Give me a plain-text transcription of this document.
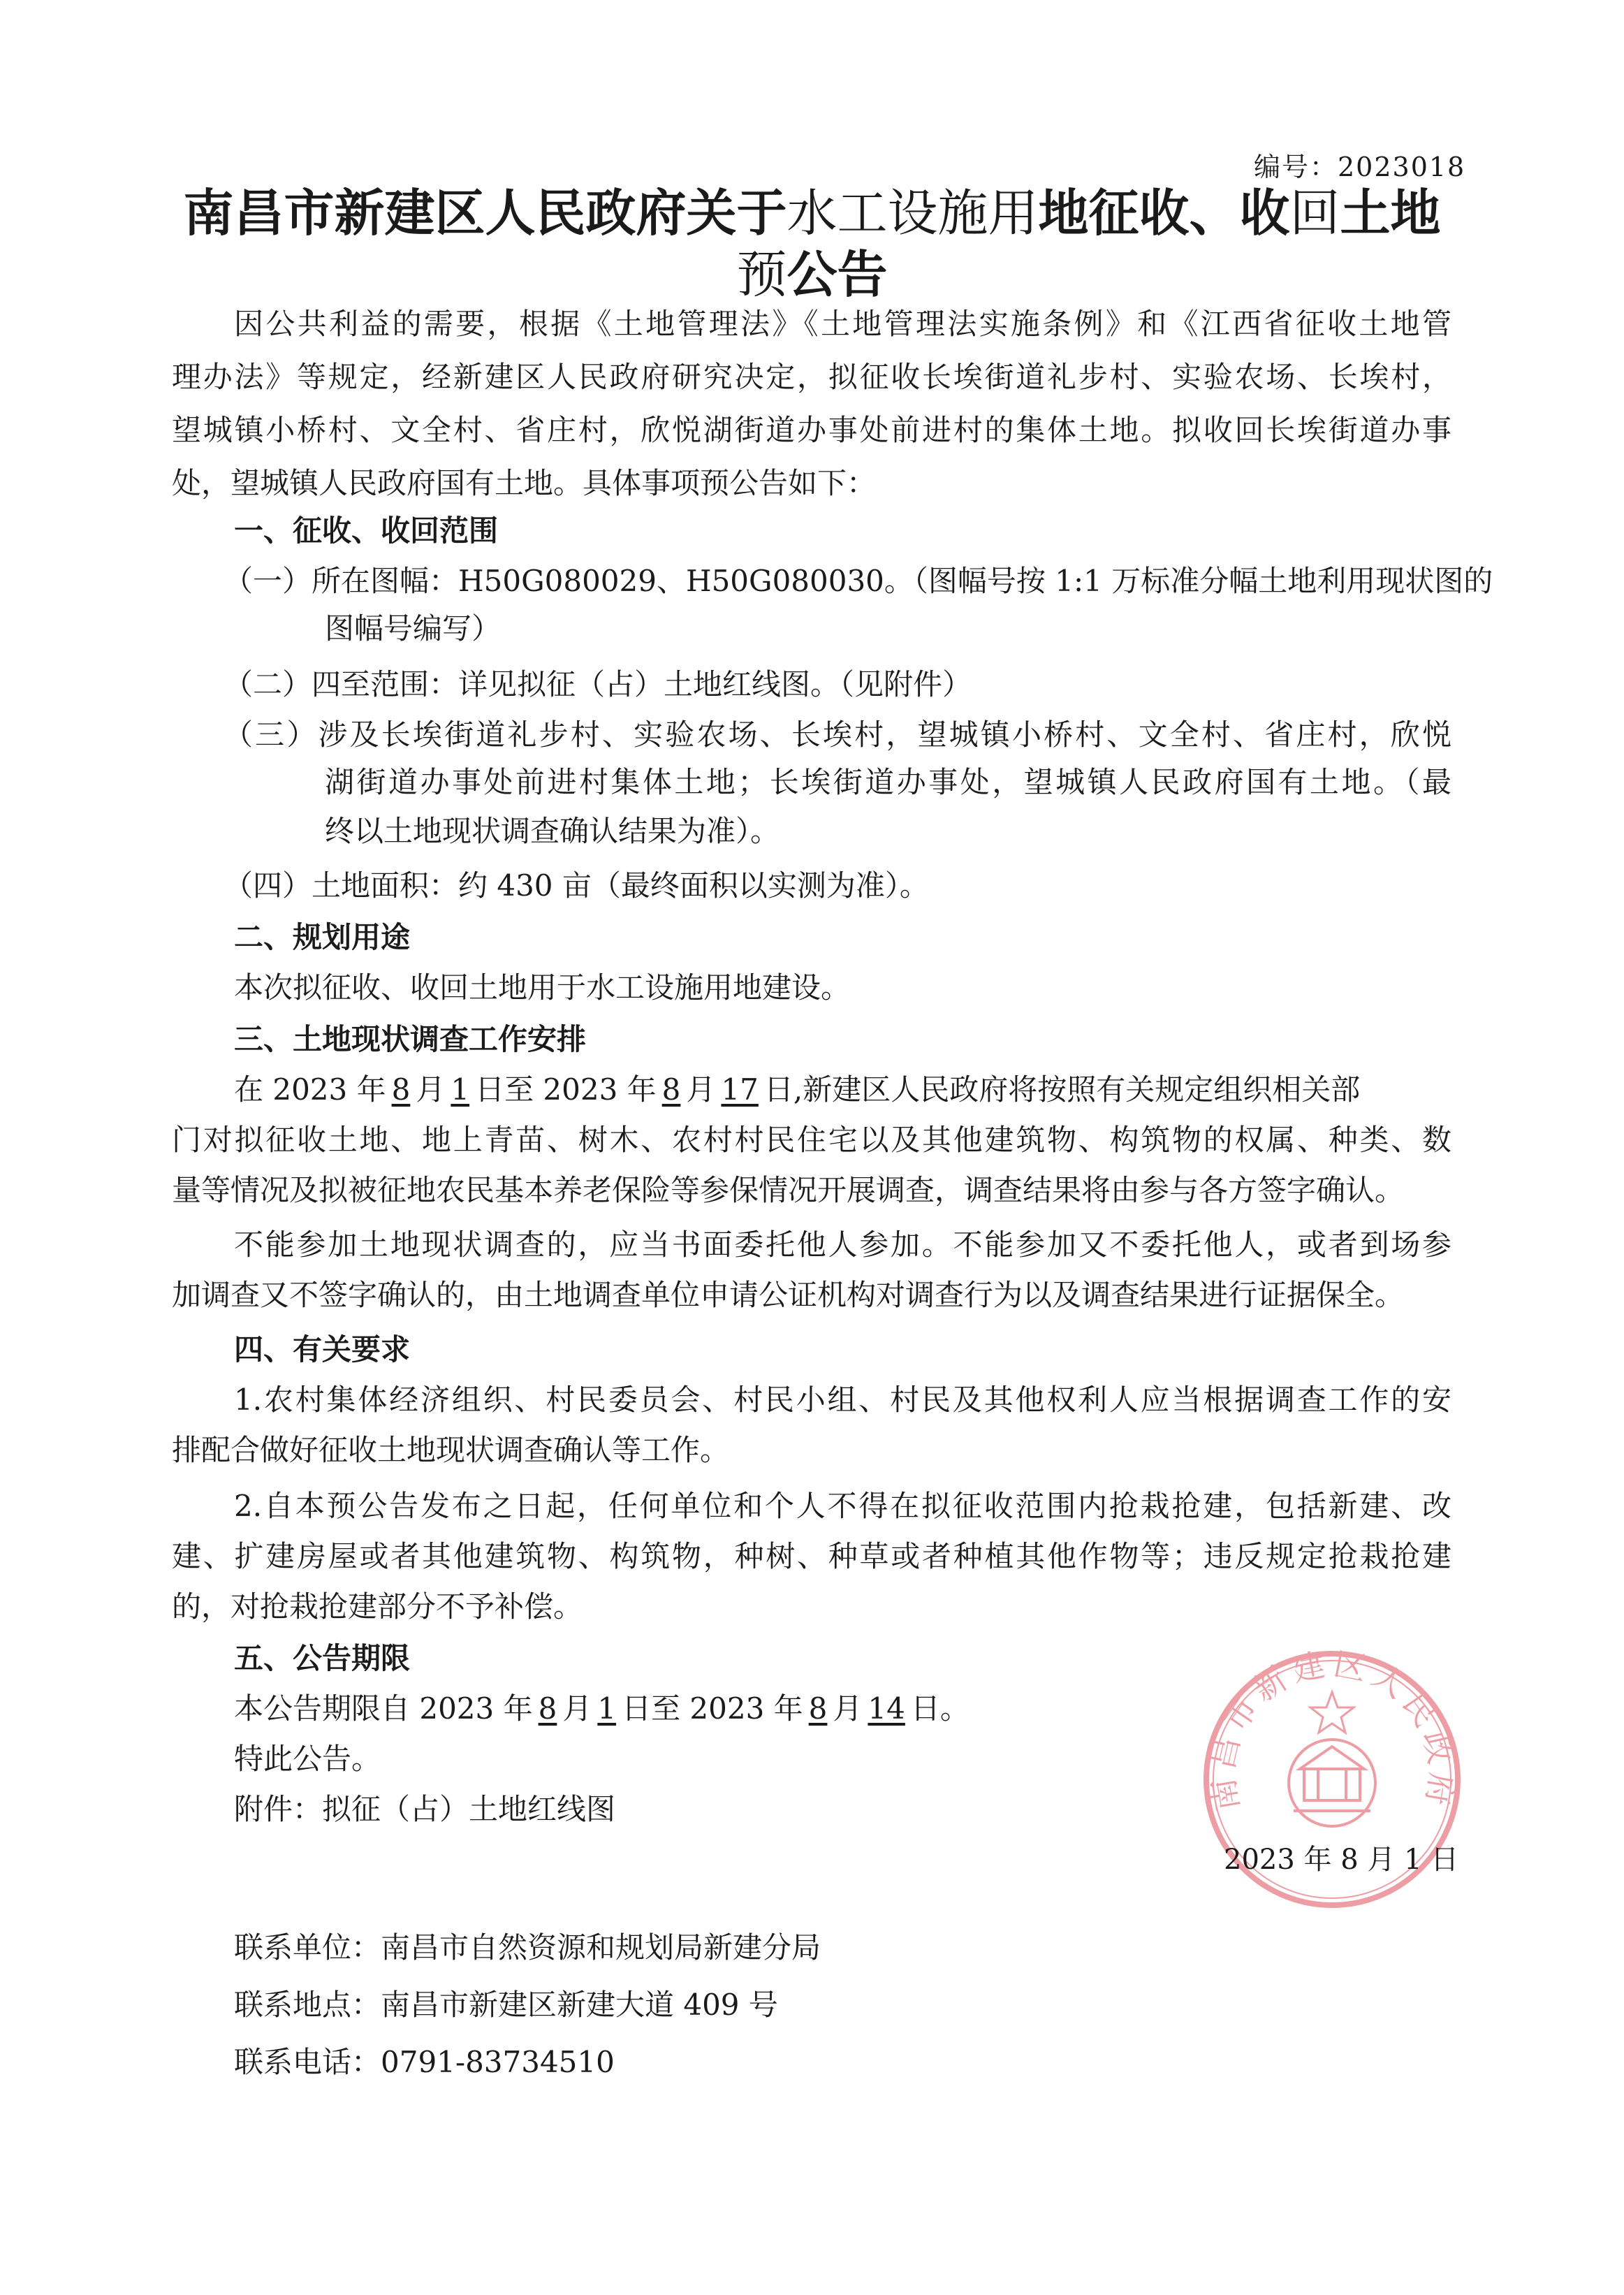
编号：2023018
南昌市新建区人民政府关于水工设施用地征收、收回土地
预公告
因公共利益的需要，根据《土地管理法》《土地管理法实施条例》和《江西省征收土地管
理办法》等规定，经新建区人民政府研究决定，拟征收长埃街道礼步村、实验农场、长埃村，
望城镇小桥村、文全村、省庄村，欣悦湖街道办事处前进村的集体土地。拟收回长埃街道办事
处，望城镇人民政府国有土地。具体事项预公告如下：
一、征收、收回范围
（一）所在图幅：H50G080029、H50G080030。（图幅号按 1:1 万标准分幅土地利用现状图的
图幅号编写）
（二）四至范围：详见拟征（占）土地红线图。（见附件）
（三）涉及长埃街道礼步村、实验农场、长埃村，望城镇小桥村、文全村、省庄村，欣悦
湖街道办事处前进村集体土地；长埃街道办事处，望城镇人民政府国有土地。（最
终以土地现状调查确认结果为准）。
（四）土地面积：约 430 亩（最终面积以实测为准）。
二、规划用途
本次拟征收、收回土地用于水工设施用地建设。
三、土地现状调查工作安排
在 2023 年 8 月 1 日至 2023 年 8 月 17 日,新建区人民政府将按照有关规定组织相关部
门对拟征收土地、地上青苗、树木、农村村民住宅以及其他建筑物、构筑物的权属、种类、数
量等情况及拟被征地农民基本养老保险等参保情况开展调查，调查结果将由参与各方签字确认。
不能参加土地现状调查的，应当书面委托他人参加。不能参加又不委托他人，或者到场参
加调查又不签字确认的，由土地调查单位申请公证机构对调查行为以及调查结果进行证据保全。
四、有关要求
1.农村集体经济组织、村民委员会、村民小组、村民及其他权利人应当根据调查工作的安
排配合做好征收土地现状调查确认等工作。
2.自本预公告发布之日起，任何单位和个人不得在拟征收范围内抢栽抢建，包括新建、改
建、扩建房屋或者其他建筑物、构筑物，种树、种草或者种植其他作物等；违反规定抢栽抢建
的，对抢栽抢建部分不予补偿。
五、公告期限
本公告期限自 2023 年 8 月 1 日至 2023 年 8 月 14 日。
特此公告。
附件：拟征（占）土地红线图	南昌市新建区人民政府
2023 年 8 月 1 日
联系单位：南昌市自然资源和规划局新建分局
联系地点：南昌市新建区新建大道 409 号
联系电话：0791-83734510
